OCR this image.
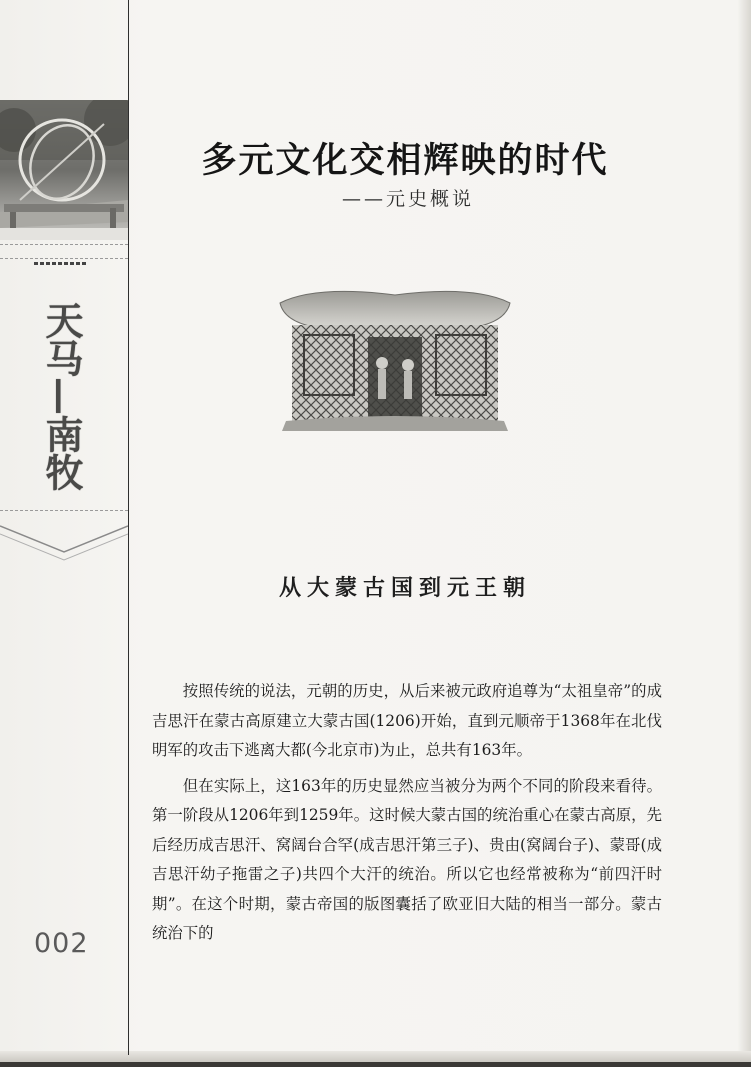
天马—南牧
002
多元文化交相辉映的时代
——元史概说
从大蒙古国到元王朝

按照传统的说法，元朝的历史，从后来被元政府追尊为“太祖皇帝”的成吉思汗在蒙古高原建立大蒙古国(1206)开始，直到元顺帝于1368年在北伐明军的攻击下逃离大都(今北京市)为止，总共有163年。

但在实际上，这163年的历史显然应当被分为两个不同的阶段来看待。第一阶段从1206年到1259年。这时候大蒙古国的统治重心在蒙古高原，先后经历成吉思汗、窝阔台合罕(成吉思汗第三子)、贵由(窝阔台子)、蒙哥(成吉思汗幼子拖雷之子)共四个大汗的统治。所以它也经常被称为“前四汗时期”。在这个时期，蒙古帝国的版图囊括了欧亚旧大陆的相当一部分。蒙古统治下的
